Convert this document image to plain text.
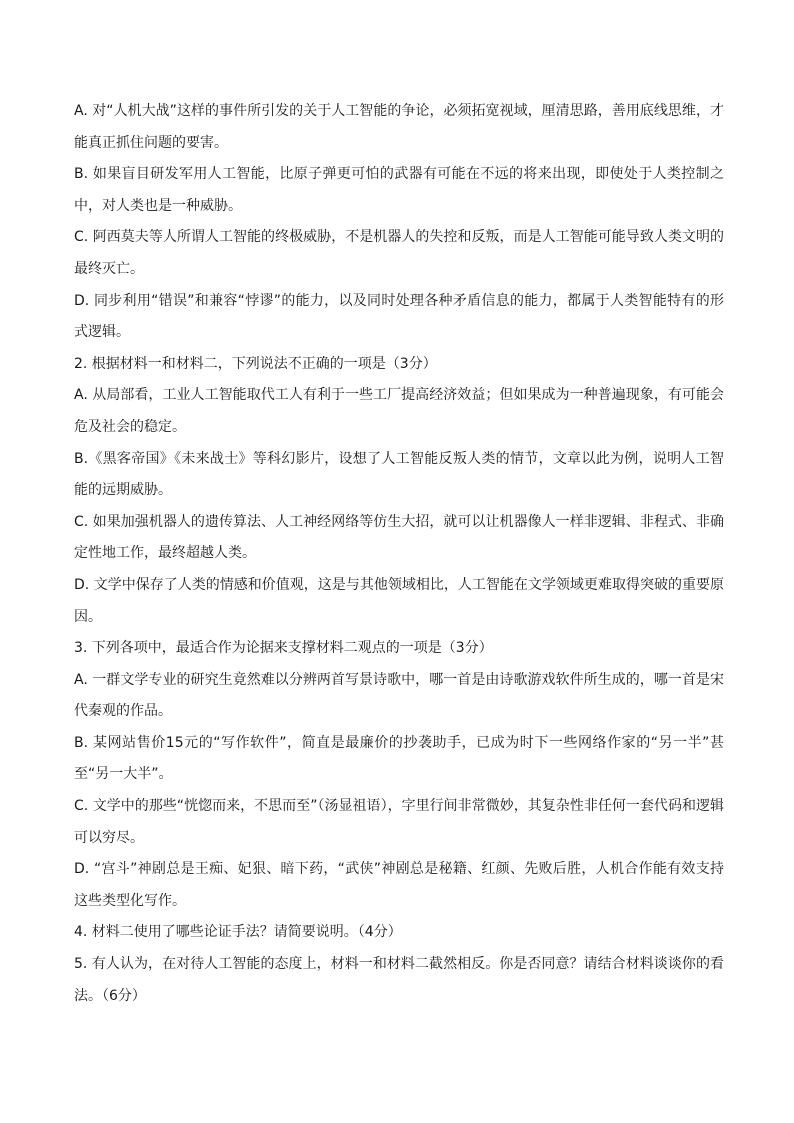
A. 对“人机大战”这样的事件所引发的关于人工智能的争论，必须拓宽视域，厘清思路，善用底线思维，才能真正抓住问题的要害。

B. 如果盲目研发军用人工智能，比原子弹更可怕的武器有可能在不远的将来出现，即使处于人类控制之中，对人类也是一种威胁。

C. 阿西莫夫等人所谓人工智能的终极威胁，不是机器人的失控和反叛，而是人工智能可能导致人类文明的最终灭亡。

D. 同步利用“错误”和兼容“悖谬”的能力，以及同时处理各种矛盾信息的能力，都属于人类智能特有的形式逻辑。

2. 根据材料一和材料二，下列说法不正确的一项是（3分）

A. 从局部看，工业人工智能取代工人有利于一些工厂提高经济效益；但如果成为一种普遍现象，有可能会危及社会的稳定。

B.《黑客帝国》《未来战士》等科幻影片，设想了人工智能反叛人类的情节，文章以此为例，说明人工智能的远期威胁。

C. 如果加强机器人的遗传算法、人工神经网络等仿生大招，就可以让机器像人一样非逻辑、非程式、非确定性地工作，最终超越人类。

D. 文学中保存了人类的情感和价值观，这是与其他领域相比，人工智能在文学领域更难取得突破的重要原因。

3. 下列各项中，最适合作为论据来支撑材料二观点的一项是（3分）

A. 一群文学专业的研究生竟然难以分辨两首写景诗歌中，哪一首是由诗歌游戏软件所生成的，哪一首是宋代秦观的作品。

B. 某网站售价15元的“写作软件”，简直是最廉价的抄袭助手，已成为时下一些网络作家的“另一半”甚至“另一大半”。

C. 文学中的那些“恍惚而来，不思而至”（汤显祖语），字里行间非常微妙，其复杂性非任何一套代码和逻辑可以穷尽。

D. “宫斗”神剧总是王痴、妃狠、暗下药，“武侠”神剧总是秘籍、红颜、先败后胜，人机合作能有效支持这些类型化写作。

4. 材料二使用了哪些论证手法？请简要说明。（4分）

5. 有人认为，在对待人工智能的态度上，材料一和材料二截然相反。你是否同意？请结合材料谈谈你的看法。（6分）
